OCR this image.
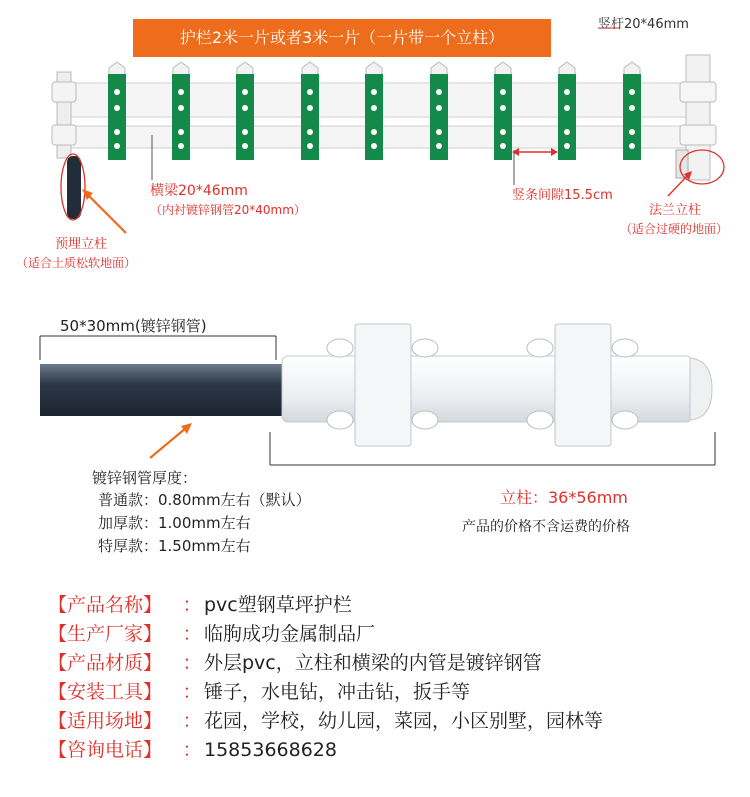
护栏2米一片或者3米一片（一片带一个立柱）
竖杆20*46mm
横梁20*46mm
（内衬镀锌钢管20*40mm）
竖条间隙15.5cm
法兰立柱
（适合过硬的地面）
预埋立柱
（适合土质松软地面）
50*30mm(镀锌钢管)
镀锌钢管厚度：
普通款：0.80mm左右（默认）
加厚款：1.00mm左右
特厚款：1.50mm左右
立柱：36*56mm
产品的价格不含运费的价格
【产品名称】 ： pvc塑钢草坪护栏
【生产厂家】 ： 临朐成功金属制品厂
【产品材质】 ： 外层pvc，立柱和横梁的内管是镀锌钢管
【安装工具】 ： 锤子，水电钻，冲击钻，扳手等
【适用场地】 ： 花园，学校，幼儿园，菜园，小区别墅，园林等
【咨询电话】 ： 15853668628
